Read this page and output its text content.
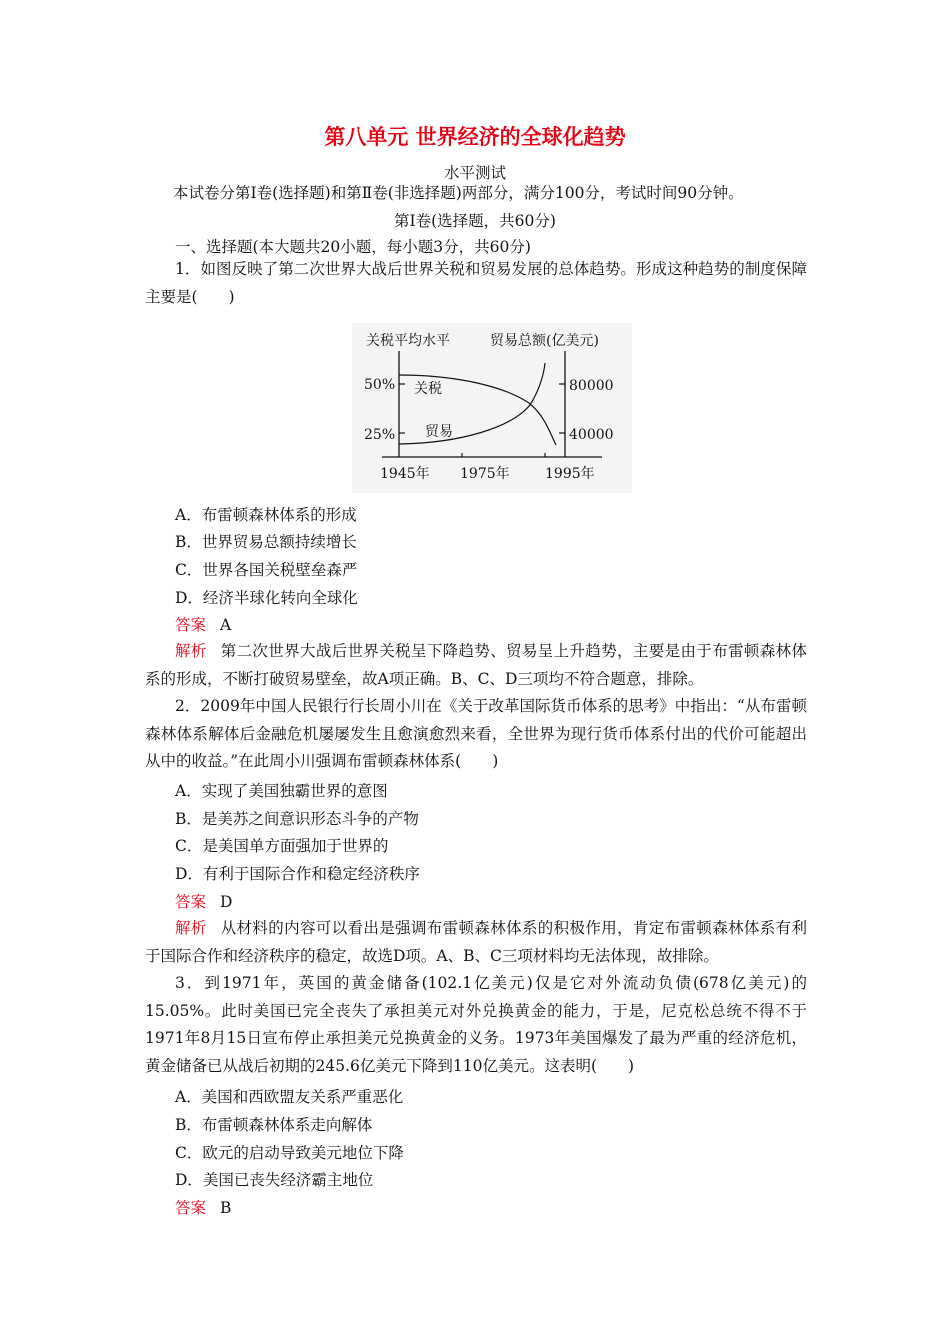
第八单元 世界经济的全球化趋势
水平测试
本试卷分第Ⅰ卷(选择题)和第Ⅱ卷(非选择题)两部分，满分100分，考试时间90分钟。
第Ⅰ卷(选择题，共60分)
一、选择题(本大题共20小题，每小题3分，共60分)
1．如图反映了第二次世界大战后世界关税和贸易发展的总体趋势。形成这种趋势的制度保障主要是(　　)
关税平均水平	贸易总额(亿美元)
50%
25%
80000
40000
1945年 1975年	1995年
关税
贸易
A．布雷顿森林体系的形成
B．世界贸易总额持续增长
C．世界各国关税壁垒森严
D．经济半球化转向全球化
答案 A
解析 第二次世界大战后世界关税呈下降趋势、贸易呈上升趋势，主要是由于布雷顿森林体系的形成，不断打破贸易壁垒，故A项正确。B、C、D三项均不符合题意，排除。
2．2009年中国人民银行行长周小川在《关于改革国际货币体系的思考》中指出：“从布雷顿森林体系解体后金融危机屡屡发生且愈演愈烈来看，全世界为现行货币体系付出的代价可能超出从中的收益。”在此周小川强调布雷顿森林体系(　　)
A．实现了美国独霸世界的意图
B．是美苏之间意识形态斗争的产物
C．是美国单方面强加于世界的
D．有利于国际合作和稳定经济秩序
答案 D
解析 从材料的内容可以看出是强调布雷顿森林体系的积极作用，肯定布雷顿森林体系有利于国际合作和经济秩序的稳定，故选D项。A、B、C三项材料均无法体现，故排除。
3．到1971年，英国的黄金储备(102.1亿美元)仅是它对外流动负债(678亿美元)的15.05%。此时美国已完全丧失了承担美元对外兑换黄金的能力，于是，尼克松总统不得不于1971年8月15日宣布停止承担美元兑换黄金的义务。1973年美国爆发了最为严重的经济危机，黄金储备已从战后初期的245.6亿美元下降到110亿美元。这表明(　　)
A．美国和西欧盟友关系严重恶化
B．布雷顿森林体系走向解体
C．欧元的启动导致美元地位下降
D．美国已丧失经济霸主地位
答案 B
